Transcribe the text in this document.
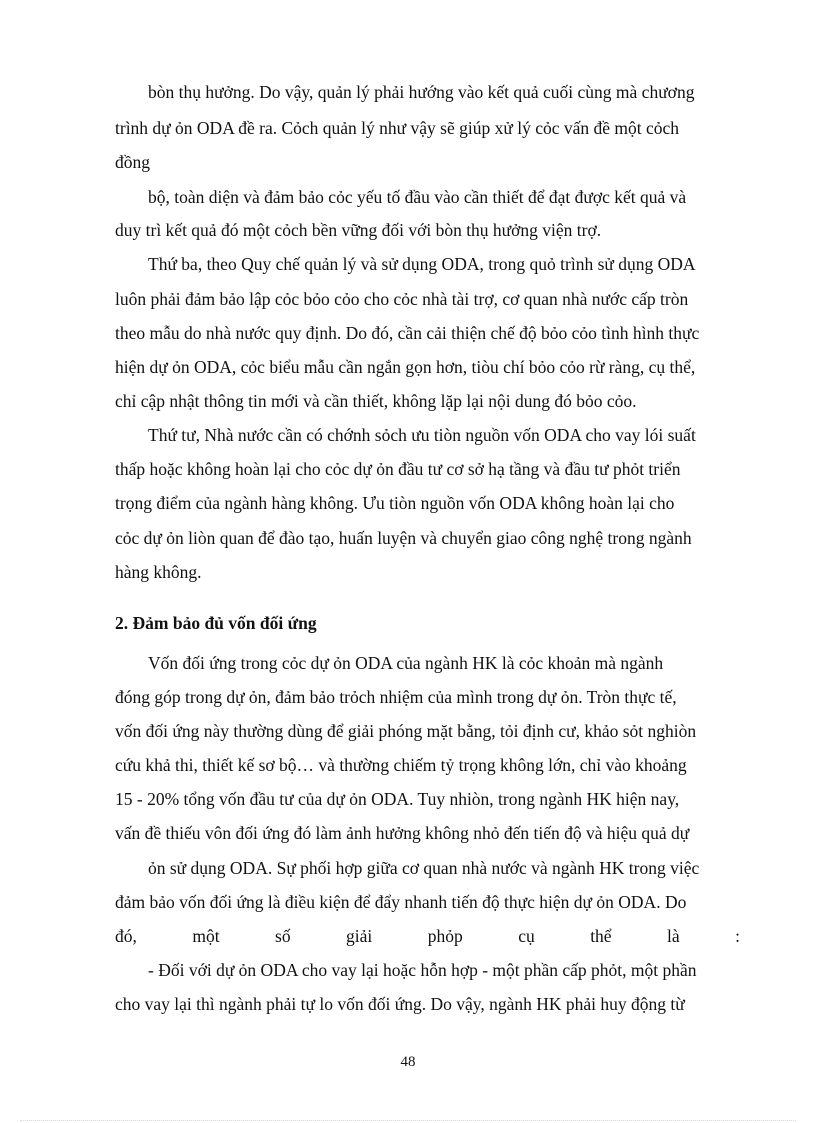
bòn thụ hưởng. Do vậy, quản lý phải hướng vào kết quả cuối cùng mà chương

trình dự ỏn ODA đề ra. Cỏch quản lý như vậy sẽ giúp xử lý cỏc vấn đề một cỏch

đồng

bộ, toàn diện và đảm bảo cỏc yếu tố đầu vào cần thiết để đạt được kết quả và

duy trì kết quả đó một cỏch bền vững đối với bòn thụ hưởng viện trợ.

Thứ ba, theo Quy chế quản lý và sử dụng ODA, trong quỏ trình sử dụng ODA

luôn phải đảm bảo lập cỏc bỏo cỏo cho cỏc nhà tài trợ, cơ quan nhà nước cấp tròn

theo mẫu do nhà nước quy định. Do đó, cần cải thiện chế độ bỏo cỏo tình hình thực

hiện dự ỏn ODA, cỏc biểu mẫu cần ngắn gọn hơn, tiòu chí bỏo cỏo rừ ràng, cụ thể,

chỉ cập nhật thông tin mới và cần thiết, không lặp lại nội dung đó bỏo cỏo.

Thứ tư, Nhà nước cần có chớnh sỏch ưu tiòn nguồn vốn ODA cho vay lói suất

thấp hoặc không hoàn lại cho cỏc dự ỏn đầu tư cơ sở hạ tầng và đầu tư phỏt triển

trọng điểm của ngành hàng không. Ưu tiòn nguồn vốn ODA không hoàn lại cho

cỏc dự ỏn liòn quan để đào tạo, huấn luyện và chuyển giao công nghệ trong ngành

hàng không.

2. Đảm bảo đủ vốn đối ứng

Vốn đối ứng trong cỏc dự ỏn ODA của ngành HK là cỏc khoản mà ngành

đóng góp trong dự ỏn, đảm bảo trỏch nhiệm của mình trong dự ỏn. Tròn thực tế,

vốn đối ứng này thường dùng để giải phóng mặt bằng, tỏi định cư, khảo sỏt nghiòn

cứu khả thi, thiết kế sơ bộ… và thường chiếm tỷ trọng không lớn, chỉ vào khoảng

15 - 20% tổng vốn đầu tư của dự ỏn ODA. Tuy nhiòn, trong ngành HK hiện nay,

vấn đề thiếu vôn đối ứng đó làm ảnh hưởng không nhỏ đến tiến độ và hiệu quả dự

ỏn sử dụng ODA. Sự phối hợp giữa cơ quan nhà nước và ngành HK trong việc

đảm bảo vốn đối ứng là điều kiện để đẩy nhanh tiến độ thực hiện dự ỏn ODA. Do

đó, một số giải phỏp cụ thể là :

- Đối với dự ỏn ODA cho vay lại hoặc hỗn hợp - một phần cấp phỏt, một phần

cho vay lại thì ngành phải tự lo vốn đối ứng. Do vậy, ngành HK phải huy động từ

48
